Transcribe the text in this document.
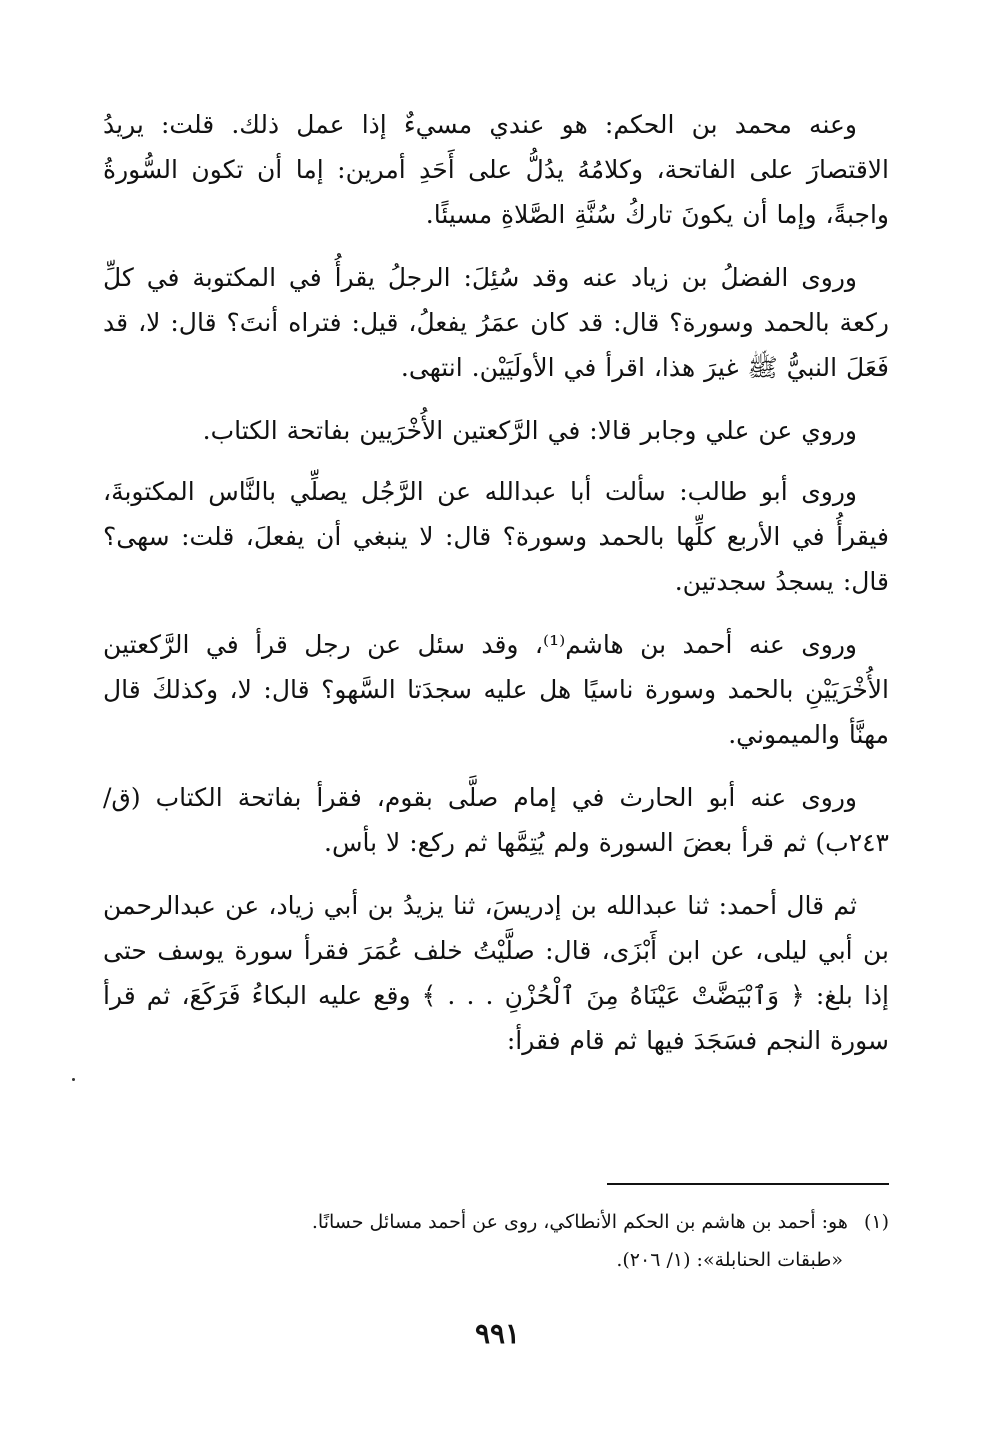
وعنه محمد بن الحكم: هو عندي مسيءٌ إذا عمل ذلك. قلت: يريدُ الاقتصارَ على الفاتحة، وكلامُهُ يدُلُّ على أَحَدِ أمرين: إما أن تكون السُّورةُ واجبةً، وإما أن يكونَ تاركُ سُنَّةِ الصَّلاةِ مسيئًا.

وروى الفضلُ بن زياد عنه وقد سُئِلَ: الرجلُ يقرأُ في المكتوبة في كلِّ ركعة بالحمد وسورة؟ قال: قد كان عمَرُ يفعلُ، قيل: فتراه أنتَ؟ قال: لا، قد فَعَلَ النبيُّ ﷺ غيرَ هذا، اقرأ في الأولَيَيْن. انتهى.

وروي عن علي وجابر قالا: في الرَّكعتين الأُخْرَيين بفاتحة الكتاب.

وروى أبو طالب: سألت أبا عبدالله عن الرَّجُل يصلِّي بالنَّاس المكتوبةَ، فيقرأُ في الأربع كلِّها بالحمد وسورة؟ قال: لا ينبغي أن يفعلَ، قلت: سهى؟ قال: يسجدُ سجدتين.

وروى عنه أحمد بن هاشم⁽¹⁾، وقد سئل عن رجل قرأ في الرَّكعتين الأُخْرَيَيْنِ بالحمد وسورة ناسيًا هل عليه سجدَتا السَّهو؟ قال: لا، وكذلكَ قال مهنَّأ والميموني.

وروى عنه أبو الحارث في إمام صلَّى بقوم، فقرأ بفاتحة الكتاب (ق/٢٤٣ب) ثم قرأ بعضَ السورة ولم يُتِمَّها ثم ركع: لا بأس.

ثم قال أحمد: ثنا عبدالله بن إدريسَ، ثنا يزيدُ بن أبي زياد، عن عبدالرحمن بن أبي ليلى، عن ابن أَبْزَى، قال: صلَّيْتُ خلف عُمَرَ فقرأ سورة يوسف حتى إذا بلغ: ﴿ وَٱبْيَضَّتْ عَيْنَاهُ مِنَ ٱلْحُزْنِ . . . ﴾ وقع عليه البكاءُ فَرَكَعَ، ثم قرأ سورة النجم فسَجَدَ فيها ثم قام فقرأ:

(١) هو: أحمد بن هاشم بن الحكم الأنطاكي، روى عن أحمد مسائل حسانًا.
«طبقات الحنابلة»: (١/ ٢٠٦).
٩٩١
